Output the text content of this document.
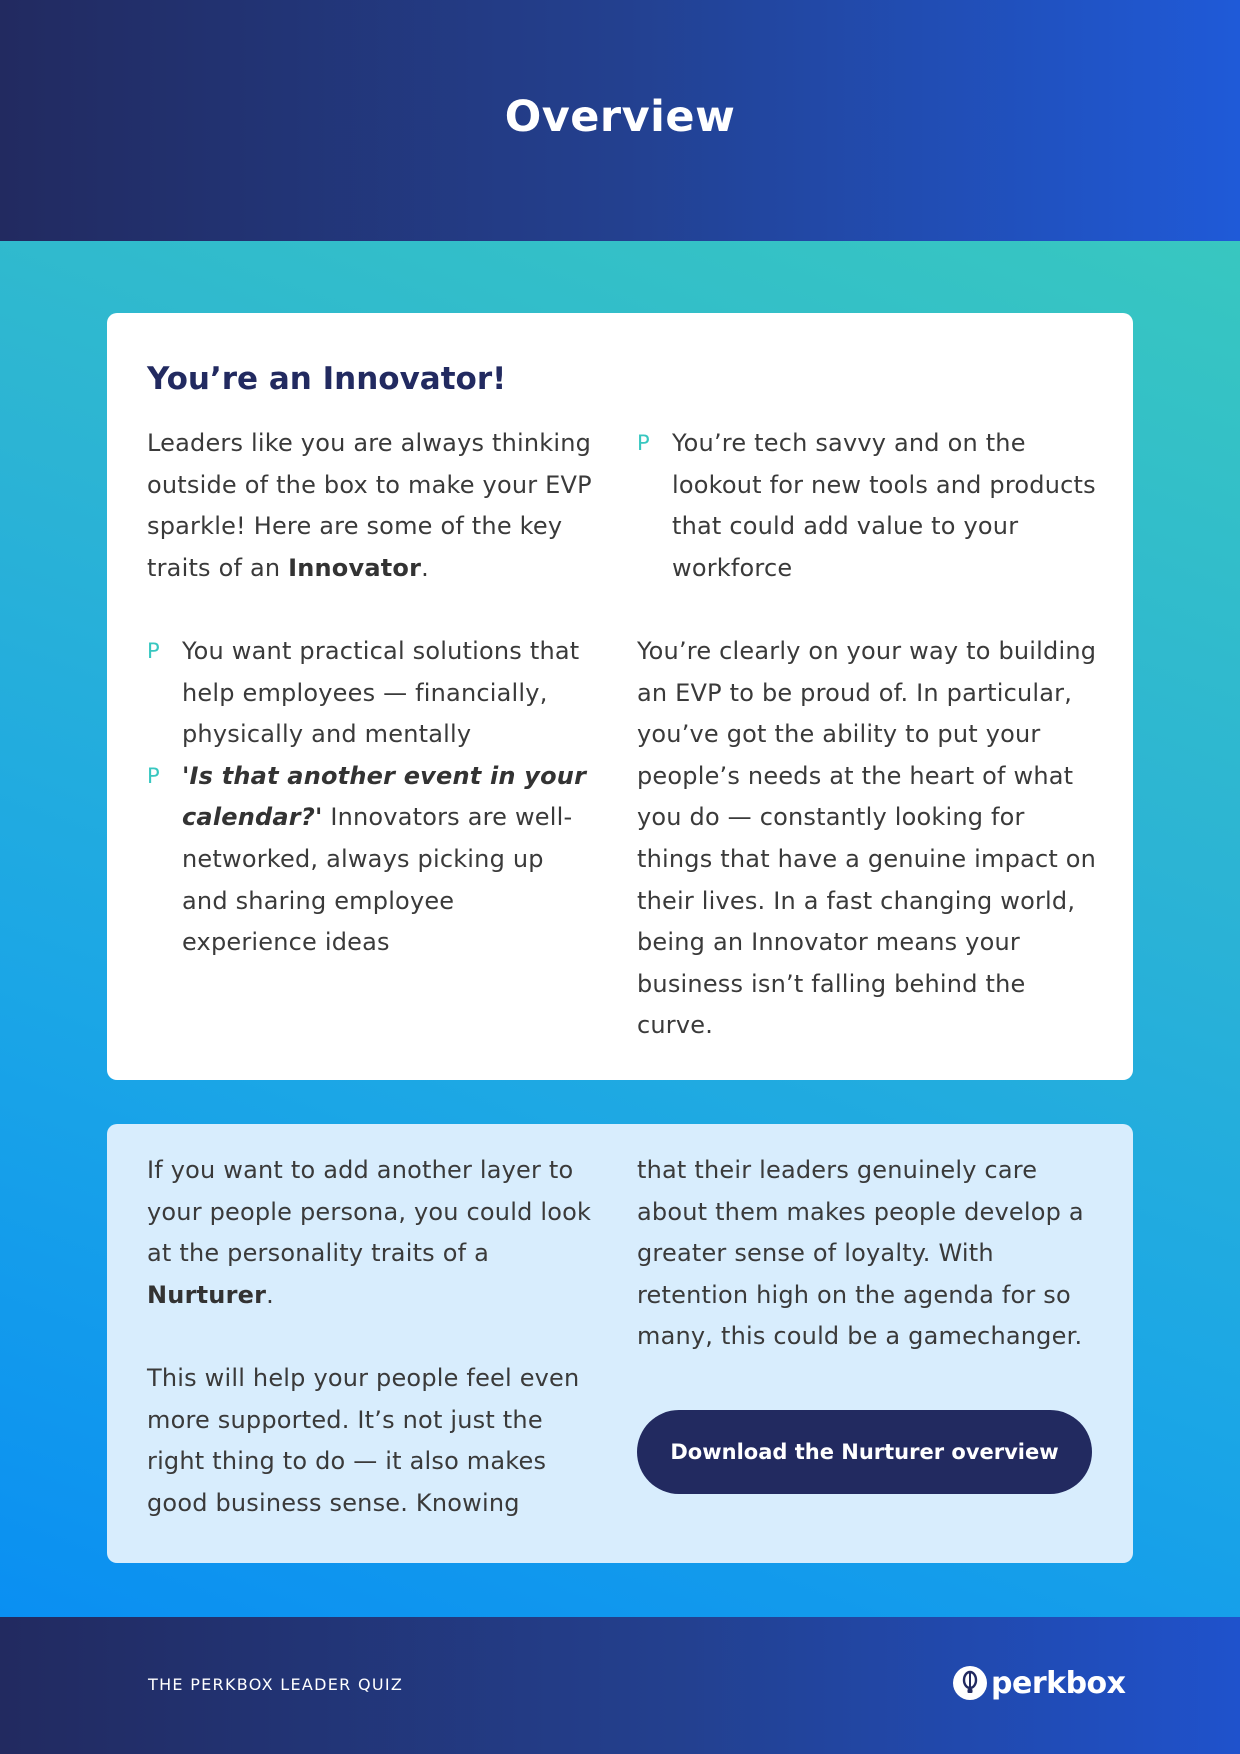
Overview
You’re an Innovator!

Leaders like you are always thinking outside of the box to make your EVP sparkle! Here are some of the key traits of an Innovator.

P You’re tech savvy and on the lookout for new tools and products that could add value to your workforce
P You want practical solutions that help employees — financially, physically and mentally
P 'Is that another event in your calendar?' Innovators are well-networked, always picking up and sharing employee experience ideas

You’re clearly on your way to building an EVP to be proud of. In particular, you’ve got the ability to put your people’s needs at the heart of what you do — constantly looking for things that have a genuine impact on their lives. In a fast changing world, being an Innovator means your business isn’t falling behind the curve.

If you want to add another layer to your people persona, you could look at the personality traits of a Nurturer.

This will help your people feel even more supported. It’s not just the right thing to do — it also makes good business sense. Knowing

that their leaders genuinely care about them makes people develop a greater sense of loyalty. With retention high on the agenda for so many, this could be a gamechanger.

Download the Nurturer overview
THE PERKBOX LEADER QUIZ	perkbox
